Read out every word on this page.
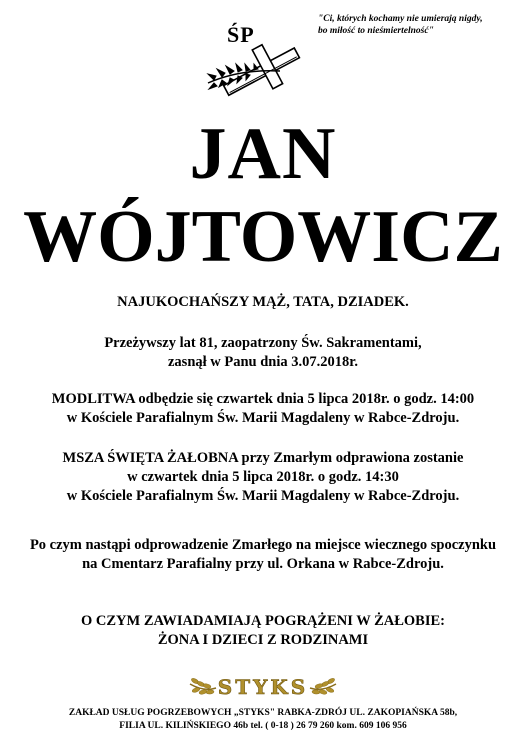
ŚP
"Ci, których kochamy nie umierają nigdy,
bo miłość to nieśmiertelność"
JAN
WÓJTOWICZ
NAJUKOCHAŃSZY MĄŻ, TATA, DZIADEK.
Przeżywszy lat 81, zaopatrzony Św. Sakramentami,
zasnął w Panu dnia 3.07.2018r.
MODLITWA odbędzie się czwartek dnia 5 lipca 2018r. o godz. 14:00
w Kościele Parafialnym Św. Marii Magdaleny w Rabce-Zdroju.
MSZA ŚWIĘTA ŻAŁOBNA przy Zmarłym odprawiona zostanie
w czwartek dnia 5 lipca 2018r. o godz. 14:30
w Kościele Parafialnym Św. Marii Magdaleny w Rabce-Zdroju.
Po czym nastąpi odprowadzenie Zmarłego na miejsce wiecznego spoczynku
na Cmentarz Parafialny przy ul. Orkana w Rabce-Zdroju.
O CZYM ZAWIADAMIAJĄ POGRĄŻENI W ŻAŁOBIE:
ŻONA I DZIECI Z RODZINAMI
STYKS
ZAKŁAD USŁUG POGRZEBOWYCH „STYKS" RABKA-ZDRÓJ UL. ZAKOPIAŃSKA 58b,
FILIA UL. KILIŃSKIEGO 46b tel. ( 0-18 ) 26 79 260 kom. 609 106 956
